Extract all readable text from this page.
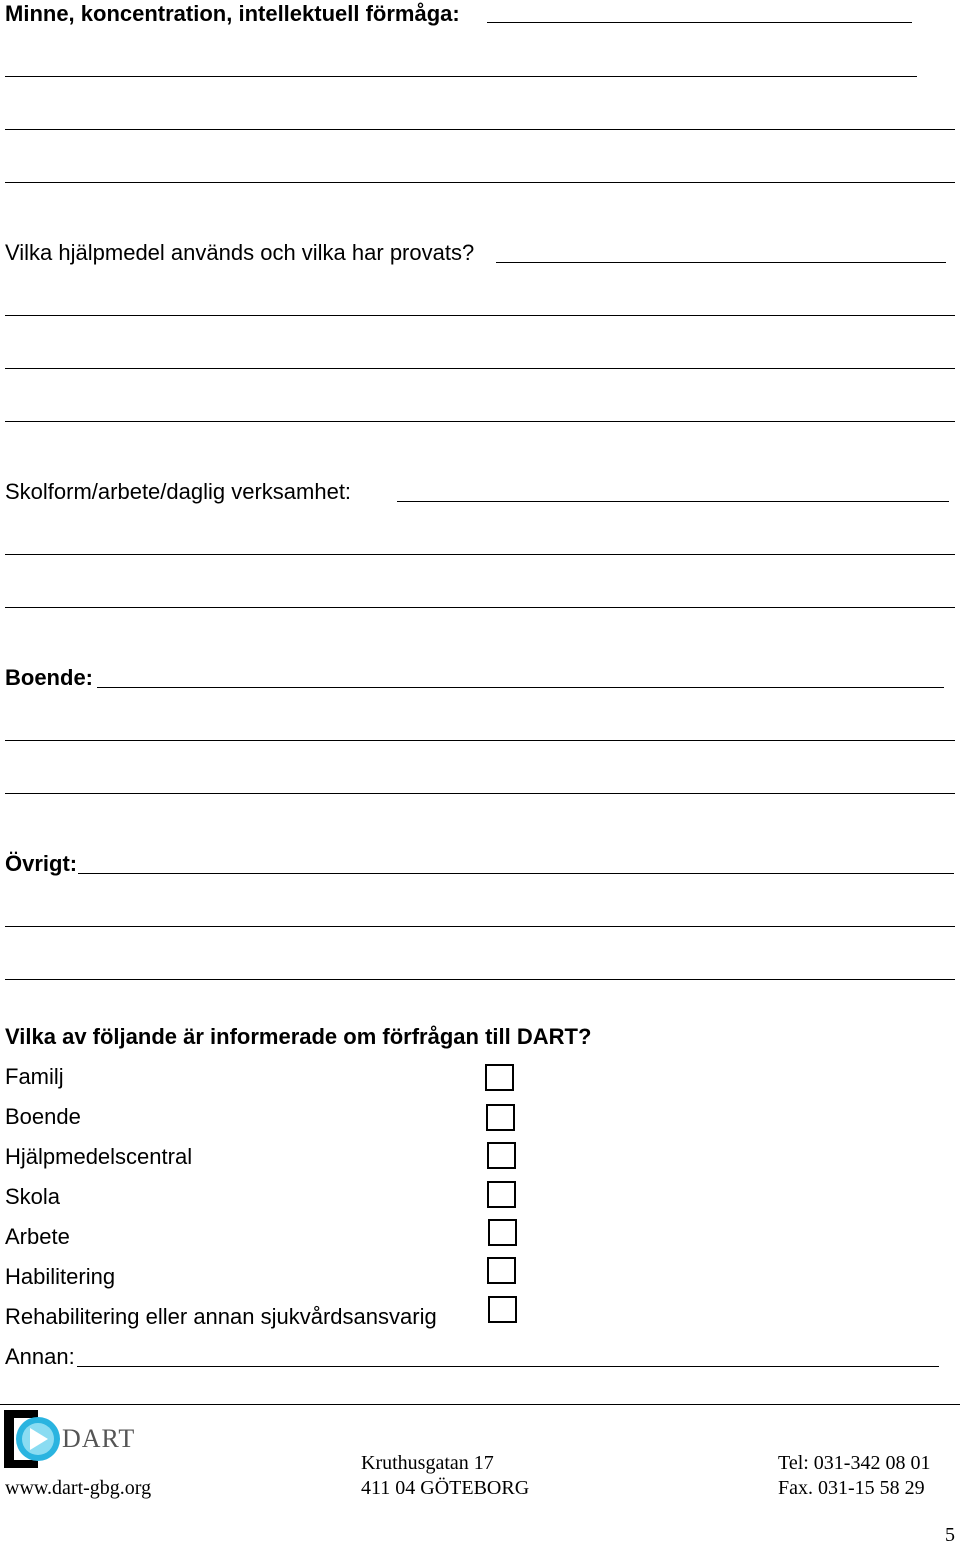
Minne, koncentration, intellektuell förmåga:
Vilka hjälpmedel används och vilka har provats?
Skolform/arbete/daglig verksamhet:
Boende:
Övrigt:
Vilka av följande är informerade om förfrågan till DART?
Familj
Boende
Hjälpmedelscentral
Skola
Arbete
Habilitering
Rehabilitering eller annan sjukvårdsansvarig
Annan:
DART
www.dart-gbg.org
Kruthusgatan 17
411 04 GÖTEBORG
Tel: 031-342 08 01
Fax. 031-15 58 29
5
